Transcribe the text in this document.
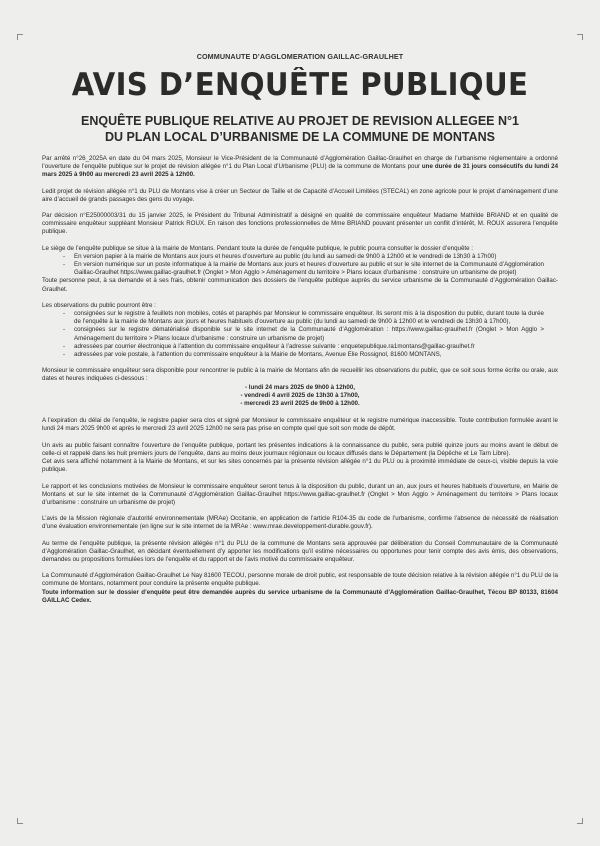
COMMUNAUTE D’AGGLOMERATION GAILLAC-GRAULHET
AVIS D’ENQUÊTE PUBLIQUE
ENQUÊTE PUBLIQUE RELATIVE AU PROJET DE REVISION ALLEGEE N°1
DU PLAN LOCAL D’URBANISME DE LA COMMUNE DE MONTANS

Par arrêté n°26_2025A en date du 04 mars 2025, Monsieur le Vice-Président de la Communauté d’Agglomération Gaillac-Graulhet en charge de l’urbanisme réglementaire a ordonné l’ouverture de l’enquête publique sur le projet de révision allégée n°1 du Plan Local d’Urbanisme (PLU) de la commune de Montans pour une durée de 31 jours consécutifs du lundi 24 mars 2025 à 9h00 au mercredi 23 avril 2025 à 12h00.

Ledit projet de révision allégée n°1 du PLU de Montans vise à créer un Secteur de Taille et de Capacité d’Accueil Limitées (STECAL) en zone agricole pour le projet d’aménagement d’une aire d’accueil de grands passages des gens du voyage.

Par décision n°E25000003/31 du 15 janvier 2025, le Président du Tribunal Administratif a désigné en qualité de commissaire enquêteur Madame Mathilde BRIAND et en qualité de commissaire enquêteur suppléant Monsieur Patrick ROUX. En raison des fonctions professionnelles de Mme BRIAND pouvant présenter un conflit d’intérêt, M. ROUX assurera l’enquête publique.

Le siège de l’enquête publique se situe à la mairie de Montans. Pendant toute la durée de l’enquête publique, le public pourra consulter le dossier d’enquête :

- En version papier à la mairie de Montans aux jours et heures d’ouverture au public (du lundi au samedi de 9h00 à 12h00 et le vendredi de 13h30 à 17h00)
- En version numérique sur un poste informatique à la mairie de Montans aux jours et heures d’ouverture au public et sur le site internet de la Communauté d’Agglomération Gaillac-Graulhet https://www.gaillac-graulhet.fr (Onglet > Mon Agglo > Aménagement du territoire > Plans locaux d’urbanisme : construire un urbanisme de projet)

Toute personne peut, à sa demande et à ses frais, obtenir communication des dossiers de l’enquête publique auprès du service urbanisme de la Communauté d’Agglomération Gaillac-Graulhet.

Les observations du public pourront être :

- consignées sur le registre à feuillets non mobiles, cotés et paraphés par Monsieur le commissaire enquêteur. Ils seront mis à la disposition du public, durant toute la durée de l’enquête à la mairie de Montans aux jours et heures habituels d’ouverture au public (du lundi au samedi de 9h00 à 12h00 et le vendredi de 13h30 à 17h00),
- consignées sur le registre dématérialisé disponible sur le site internet de la Communauté d’Agglomération : https://www.gaillac-graulhet.fr (Onglet > Mon Agglo > Aménagement du territoire > Plans locaux d’urbanisme : construire un urbanisme de projet)
- adressées par courrier électronique à l’attention du commissaire enquêteur à l’adresse suivante : enquetepublique.ra1montans@gaillac-graulhet.fr
- adressées par voie postale, à l’attention du commissaire enquêteur à la Mairie de Montans, Avenue Elie Rossignol, 81600 MONTANS,

Monsieur le commissaire enquêteur sera disponible pour rencontrer le public à la mairie de Montans afin de recueillir les observations du public, que ce soit sous forme écrite ou orale, aux dates et heures indiquées ci-dessous :

- lundi 24 mars 2025 de 9h00 à 12h00,
- vendredi 4 avril 2025 de 13h30 à 17h00,
- mercredi 23 avril 2025 de 9h00 à 12h00.

A l’expiration du délai de l’enquête, le registre papier sera clos et signé par Monsieur le commissaire enquêteur et le registre numérique inaccessible. Toute contribution formulée avant le lundi 24 mars 2025 9h00 et après le mercredi 23 avril 2025 12h00 ne sera pas prise en compte quel que soit son mode de dépôt.

Un avis au public faisant connaître l’ouverture de l’enquête publique, portant les présentes indications à la connaissance du public, sera publié quinze jours au moins avant le début de celle-ci et rappelé dans les huit premiers jours de l’enquête, dans au moins deux journaux régionaux ou locaux diffusés dans le Département (la Dépêche et Le Tarn Libre).

Cet avis sera affiché notamment à la Mairie de Montans, et sur les sites concernés par la présente révision allégée n°1 du PLU ou à proximité immédiate de ceux-ci, visible depuis la voie publique.

Le rapport et les conclusions motivées de Monsieur le commissaire enquêteur seront tenus à la disposition du public, durant un an, aux jours et heures habituels d’ouverture, en Mairie de Montans et sur le site internet de la Communauté d’Agglomération Gaillac-Graulhet https://www.gaillac-graulhet.fr (Onglet > Mon Agglo > Aménagement du territoire > Plans locaux d’urbanisme : construire un urbanisme de projet)

L’avis de la Mission régionale d’autorité environnementale (MRAe) Occitanie, en application de l’article R104-35 du code de l’urbanisme, confirme l’absence de nécessité de réalisation d’une évaluation environnementale (en ligne sur le site internet de la MRAe : www.mrae.developpement-durable.gouv.fr).

Au terme de l’enquête publique, la présente révision allégée n°1 du PLU de la commune de Montans sera approuvée par délibération du Conseil Communautaire de la Communauté d’Agglomération Gaillac-Graulhet, en décidant éventuellement d’y apporter les modifications qu’il estime nécessaires ou opportunes pour tenir compte des avis émis, des observations, demandes ou propositions formulées lors de l’enquête et du rapport et de l’avis motivé du commissaire enquêteur.

La Communauté d’Agglomération Gaillac-Graulhet Le Nay 81600 TECOU, personne morale de droit public, est responsable de toute décision relative à la révision allégée n°1 du PLU de la commune de Montans, notamment pour conduire la présente enquête publique.

Toute information sur le dossier d’enquête peut être demandée auprès du service urbanisme de la Communauté d’Agglomération Gaillac-Graulhet, Técou BP 80133, 81604 GAILLAC Cedex.
